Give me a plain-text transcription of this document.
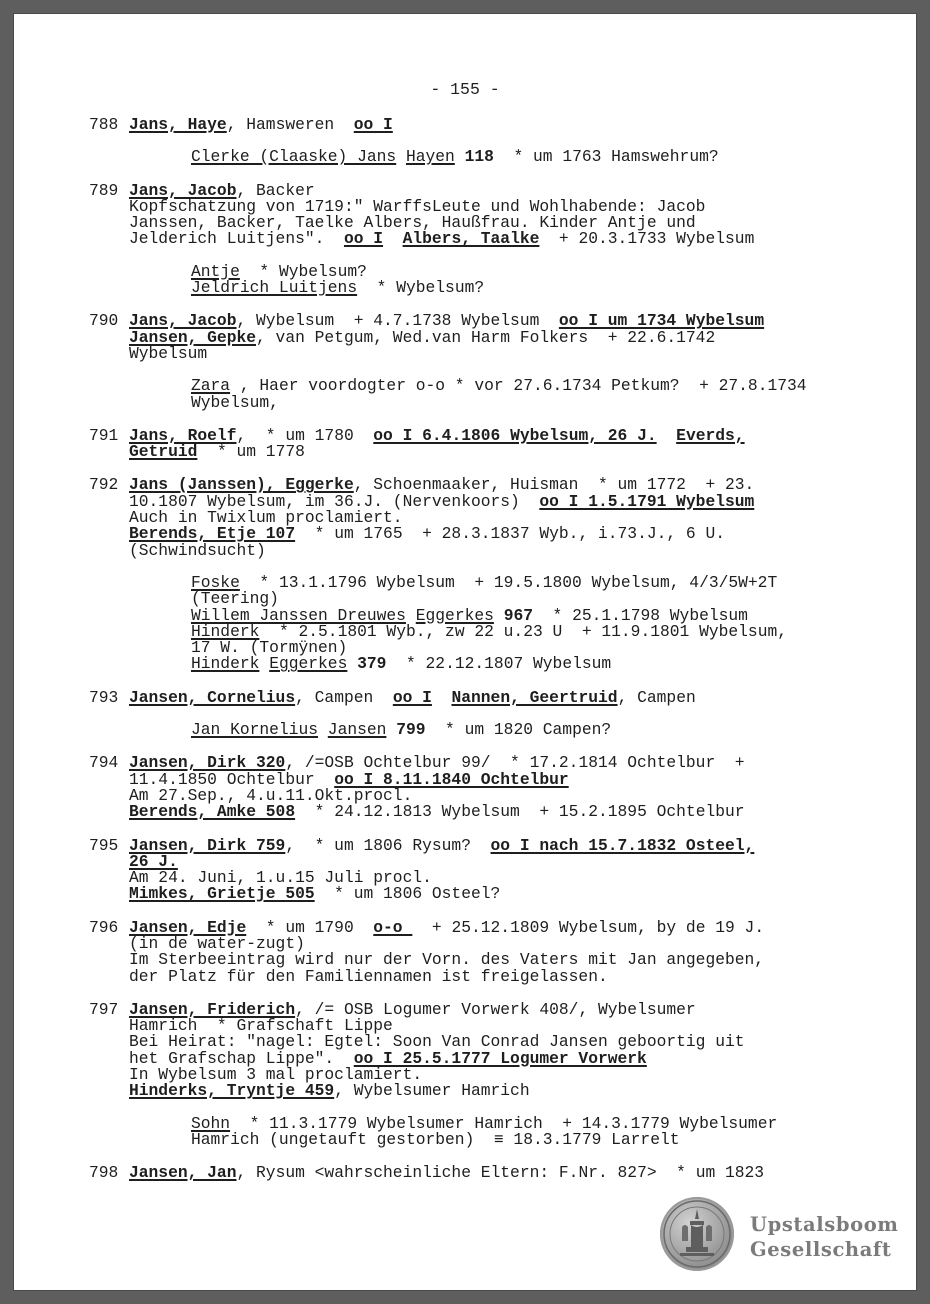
- 155 -
788 Jans, Haye, Hamsweren  oo I
Clerke (Claaske) Jans Hayen 118  * um 1763 Hamswehrum?
789 Jans, Jacob, Backer
Kopfschatzung von 1719:" WarffsLeute und Wohlhabende: Jacob
Janssen, Backer, Taelke Albers, Haußfrau. Kinder Antje und
Jelderich Luitjens".  oo I Albers, Taalke  + 20.3.1733 Wybelsum
Antje  * Wybelsum?
Jeldrich Luitjens  * Wybelsum?
790 Jans, Jacob, Wybelsum  + 4.7.1738 Wybelsum  oo I um 1734 Wybelsum
Jansen, Gepke, van Petgum, Wed.van Harm Folkers  + 22.6.1742
Wybelsum
Zara , Haer voordogter o-o * vor 27.6.1734 Petkum?  + 27.8.1734
Wybelsum,
791 Jans, Roelf,  * um 1780  oo I 6.4.1806 Wybelsum, 26 J. Everds,
Getruid  * um 1778
792 Jans (Janssen), Eggerke, Schoenmaaker, Huisman  * um 1772  + 23.
10.1807 Wybelsum, im 36.J. (Nervenkoors)  oo I 1.5.1791 Wybelsum
Auch in Twixlum proclamiert.
Berends, Etje 107  * um 1765  + 28.3.1837 Wyb., i.73.J., 6 U.
(Schwindsucht)
Foske  * 13.1.1796 Wybelsum  + 19.5.1800 Wybelsum, 4/3/5W+2T
(Teering)
Willem Janssen Dreuwes Eggerkes 967  * 25.1.1798 Wybelsum
Hinderk  * 2.5.1801 Wyb., zw 22 u.23 U  + 11.9.1801 Wybelsum,
17 W. (Tormÿnen)
Hinderk Eggerkes 379  * 22.12.1807 Wybelsum
793 Jansen, Cornelius, Campen  oo I Nannen, Geertruid, Campen
Jan Kornelius Jansen 799  * um 1820 Campen?
794 Jansen, Dirk 320, /=OSB Ochtelbur 99/  * 17.2.1814 Ochtelbur  +
11.4.1850 Ochtelbur  oo I 8.11.1840 Ochtelbur
Am 27.Sep., 4.u.11.Okt.procl.
Berends, Amke 508  * 24.12.1813 Wybelsum  + 15.2.1895 Ochtelbur
795 Jansen, Dirk 759,  * um 1806 Rysum?  oo I nach 15.7.1832 Osteel,
26 J.
Am 24. Juni, 1.u.15 Juli procl.
Mimkes, Grietje 505  * um 1806 Osteel?
796 Jansen, Edje  * um 1790  o-o   + 25.12.1809 Wybelsum, by de 19 J.
(in de water-zugt)
Im Sterbeeintrag wird nur der Vorn. des Vaters mit Jan angegeben,
der Platz für den Familiennamen ist freigelassen.
797 Jansen, Friderich, /= OSB Logumer Vorwerk 408/, Wybelsumer
Hamrich  * Grafschaft Lippe
Bei Heirat: "nagel: Egtel: Soon Van Conrad Jansen geboortig uit
het Grafschap Lippe".  oo I 25.5.1777 Logumer Vorwerk
In Wybelsum 3 mal proclamiert.
Hinderks, Tryntje 459, Wybelsumer Hamrich
Sohn  * 11.3.1779 Wybelsumer Hamrich  + 14.3.1779 Wybelsumer
Hamrich (ungetauft gestorben)  ≡ 18.3.1779 Larrelt
798 Jansen, Jan, Rysum <wahrscheinliche Eltern: F.Nr. 827>  * um 1823
Upstalsboom
Gesellschaft
